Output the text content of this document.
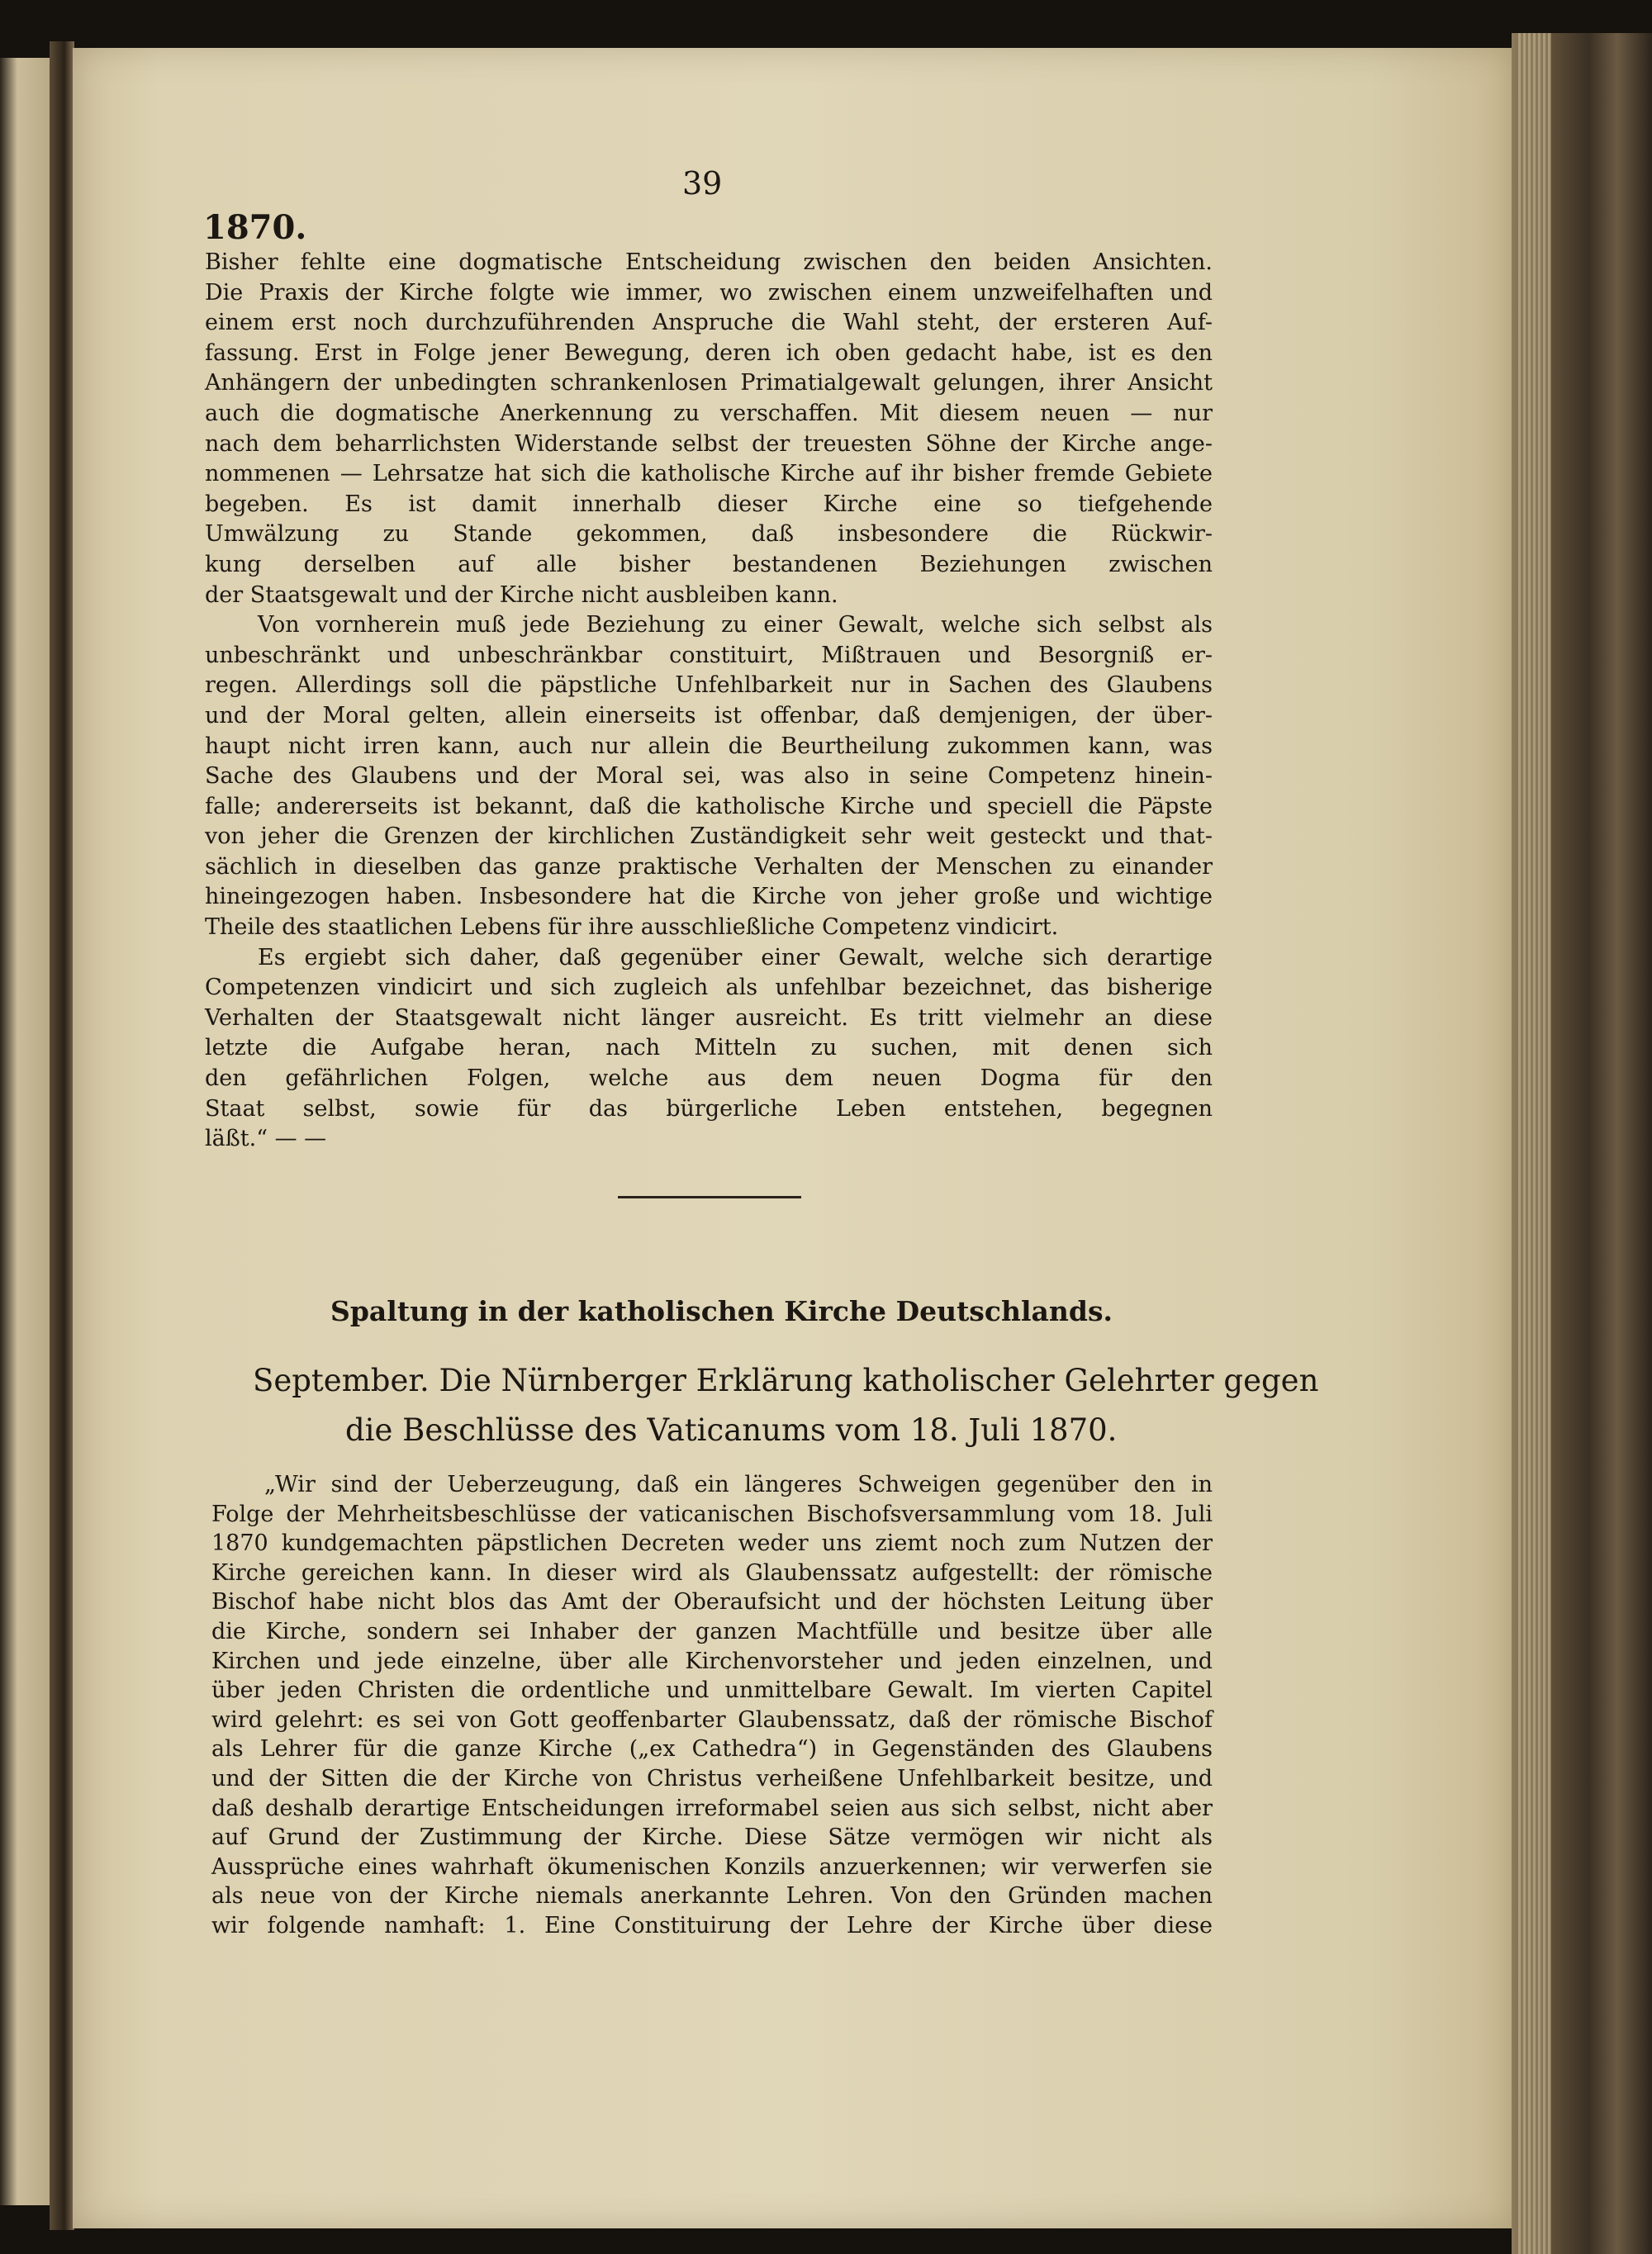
39

1870.

Bisher fehlte eine dogmatische Entscheidung zwischen den beiden Ansichten.
Die Praxis der Kirche folgte wie immer, wo zwischen einem unzweifelhaften und
einem erst noch durchzuführenden Anspruche die Wahl steht, der ersteren Auf-
fassung. Erst in Folge jener Bewegung, deren ich oben gedacht habe, ist es den
Anhängern der unbedingten schrankenlosen Primatialgewalt gelungen, ihrer Ansicht
auch die dogmatische Anerkennung zu verschaffen. Mit diesem neuen — nur
nach dem beharrlichsten Widerstande selbst der treuesten Söhne der Kirche ange-
nommenen — Lehrsatze hat sich die katholische Kirche auf ihr bisher fremde Gebiete
begeben. Es ist damit innerhalb dieser Kirche eine so tiefgehende
Umwälzung zu Stande gekommen, daß insbesondere die Rückwir-
kung derselben auf alle bisher bestandenen Beziehungen zwischen
der Staatsgewalt und der Kirche nicht ausbleiben kann.
Von vornherein muß jede Beziehung zu einer Gewalt, welche sich selbst als
unbeschränkt und unbeschränkbar constituirt, Mißtrauen und Besorgniß er-
regen. Allerdings soll die päpstliche Unfehlbarkeit nur in Sachen des Glaubens
und der Moral gelten, allein einerseits ist offenbar, daß demjenigen, der über-
haupt nicht irren kann, auch nur allein die Beurtheilung zukommen kann, was
Sache des Glaubens und der Moral sei, was also in seine Competenz hinein-
falle; andererseits ist bekannt, daß die katholische Kirche und speciell die Päpste
von jeher die Grenzen der kirchlichen Zuständigkeit sehr weit gesteckt und that-
sächlich in dieselben das ganze praktische Verhalten der Menschen zu einander
hineingezogen haben. Insbesondere hat die Kirche von jeher große und wichtige
Theile des staatlichen Lebens für ihre ausschließliche Competenz vindicirt.
Es ergiebt sich daher, daß gegenüber einer Gewalt, welche sich derartige
Competenzen vindicirt und sich zugleich als unfehlbar bezeichnet, das bisherige
Verhalten der Staatsgewalt nicht länger ausreicht. Es tritt vielmehr an diese
letzte die Aufgabe heran, nach Mitteln zu suchen, mit denen sich
den gefährlichen Folgen, welche aus dem neuen Dogma für den
Staat selbst, sowie für das bürgerliche Leben entstehen, begegnen
läßt.“ — —

Spaltung in der katholischen Kirche Deutschlands.

September. Die Nürnberger Erklärung katholischer Gelehrter gegen

die Beschlüsse des Vaticanums vom 18. Juli 1870.

„Wir sind der Ueberzeugung, daß ein längeres Schweigen gegenüber den in
Folge der Mehrheitsbeschlüsse der vaticanischen Bischofsversammlung vom 18. Juli
1870 kundgemachten päpstlichen Decreten weder uns ziemt noch zum Nutzen der
Kirche gereichen kann. In dieser wird als Glaubenssatz aufgestellt: der römische
Bischof habe nicht blos das Amt der Oberaufsicht und der höchsten Leitung über
die Kirche, sondern sei Inhaber der ganzen Machtfülle und besitze über alle
Kirchen und jede einzelne, über alle Kirchenvorsteher und jeden einzelnen, und
über jeden Christen die ordentliche und unmittelbare Gewalt. Im vierten Capitel
wird gelehrt: es sei von Gott geoffenbarter Glaubenssatz, daß der römische Bischof
als Lehrer für die ganze Kirche („ex Cathedra“) in Gegenständen des Glaubens
und der Sitten die der Kirche von Christus verheißene Unfehlbarkeit besitze, und
daß deshalb derartige Entscheidungen irreformabel seien aus sich selbst, nicht aber
auf Grund der Zustimmung der Kirche. Diese Sätze vermögen wir nicht als
Aussprüche eines wahrhaft ökumenischen Konzils anzuerkennen; wir verwerfen sie
als neue von der Kirche niemals anerkannte Lehren. Von den Gründen machen
wir folgende namhaft: 1. Eine Constituirung der Lehre der Kirche über diese
